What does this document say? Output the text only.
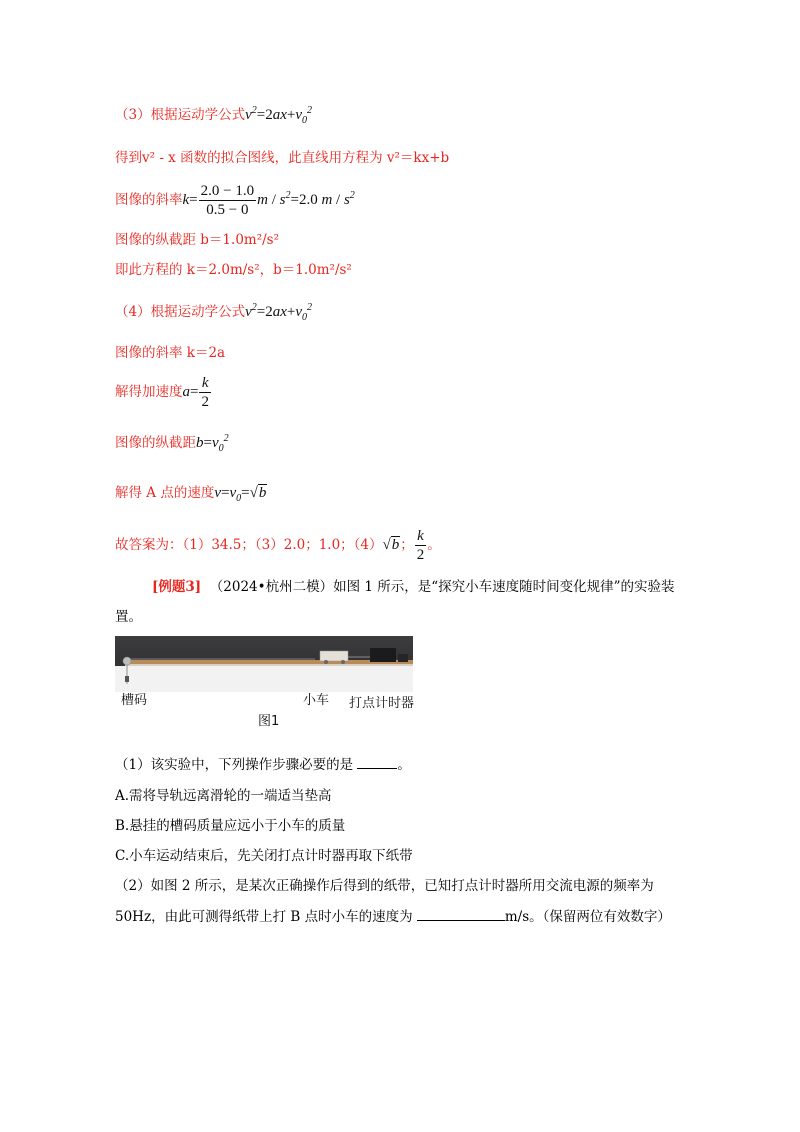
（3）根据运动学公式$v^2=2ax+v_0^2$
得到v² - x 函数的拟合图线，此直线用方程为 v²＝kx+b
图像的斜率$k= \frac{2.0 - 1.0}{0.5 - 0}$ $m / s^2=2.0$ m / $s^2$
图像的纵截距 b＝1.0m²/s²
即此方程的 k＝2.0m/s²，b＝1.0m²/s²
（4）根据运动学公式$v^2=2ax+v_0^2$
图像的斜率 k＝2a
解得加速度$a= \frac{k}{2}$
图像的纵截距$b=v_0^2$
解得 A 点的速度$v=v_0=√b$
故答案为：（1）34.5；（3）2.0；1.0；（4）√b； $\frac{k}{2}$ 。
[例题3] （2024•杭州二模）如图 1 所示，是“探究小车速度随时间变化规律”的实验装
置。
槽码	小车 打点计时器
图1
（1）该实验中，下列操作步骤必要的是	。
A.需将导轨远离滑轮的一端适当垫高
B.悬挂的槽码质量应远小于小车的质量
C.小车运动结束后，先关闭打点计时器再取下纸带
（2）如图 2 所示，是某次正确操作后得到的纸带，已知打点计时器所用交流电源的频率为
50Hz，由此可测得纸带上打 B 点时小车的速度为	m/s。（保留两位有效数字）
